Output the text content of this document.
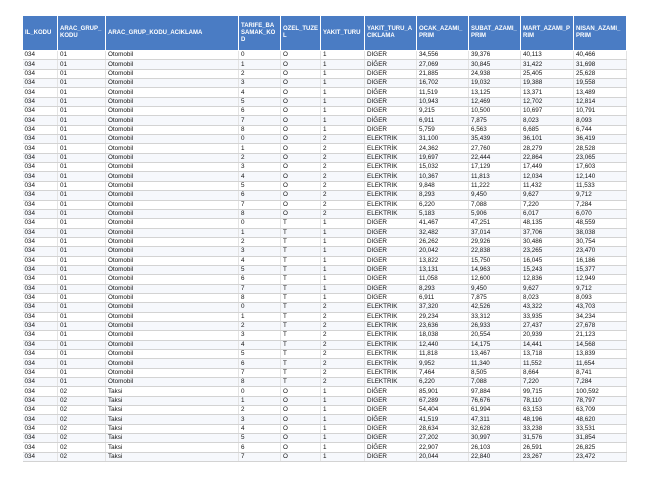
IL_KODU	ARAC_GRUP_KODU	ARAC_GRUP_KODU_ACIKLAMA	TARIFE_BASAMAK_KOD	OZEL_TUZEL	YAKIT_TURU	YAKIT_TURU_ACIKLAMA	OCAK_AZAMI_PRIM	SUBAT_AZAMI_PRIM	MART_AZAMI_PRIM	NISAN_AZAMI_PRIM
034	01	Otomobil	0	O	1	DİĞER	34,556	39,376	40,113	40,466
034	01	Otomobil	1	O	1	DİĞER	27,069	30,845	31,422	31,698
034	01	Otomobil	2	O	1	DİĞER	21,885	24,938	25,405	25,628
034	01	Otomobil	3	O	1	DİĞER	16,702	19,032	19,388	19,558
034	01	Otomobil	4	O	1	DİĞER	11,519	13,125	13,371	13,489
034	01	Otomobil	5	O	1	DİĞER	10,943	12,469	12,702	12,814
034	01	Otomobil	6	O	1	DİĞER	9,215	10,500	10,697	10,791
034	01	Otomobil	7	O	1	DİĞER	6,911	7,875	8,023	8,093
034	01	Otomobil	8	O	1	DİĞER	5,759	6,563	6,685	6,744
034	01	Otomobil	0	O	2	ELEKTRİK	31,100	35,439	36,101	36,419
034	01	Otomobil	1	O	2	ELEKTRİK	24,362	27,760	28,279	28,528
034	01	Otomobil	2	O	2	ELEKTRİK	19,697	22,444	22,864	23,065
034	01	Otomobil	3	O	2	ELEKTRİK	15,032	17,129	17,449	17,603
034	01	Otomobil	4	O	2	ELEKTRİK	10,367	11,813	12,034	12,140
034	01	Otomobil	5	O	2	ELEKTRİK	9,848	11,222	11,432	11,533
034	01	Otomobil	6	O	2	ELEKTRİK	8,293	9,450	9,627	9,712
034	01	Otomobil	7	O	2	ELEKTRİK	6,220	7,088	7,220	7,284
034	01	Otomobil	8	O	2	ELEKTRİK	5,183	5,906	6,017	6,070
034	01	Otomobil	0	T	1	DİĞER	41,467	47,251	48,135	48,559
034	01	Otomobil	1	T	1	DİĞER	32,482	37,014	37,706	38,038
034	01	Otomobil	2	T	1	DİĞER	26,262	29,926	30,486	30,754
034	01	Otomobil	3	T	1	DİĞER	20,042	22,838	23,265	23,470
034	01	Otomobil	4	T	1	DİĞER	13,822	15,750	16,045	16,186
034	01	Otomobil	5	T	1	DİĞER	13,131	14,963	15,243	15,377
034	01	Otomobil	6	T	1	DİĞER	11,058	12,600	12,836	12,949
034	01	Otomobil	7	T	1	DİĞER	8,293	9,450	9,627	9,712
034	01	Otomobil	8	T	1	DİĞER	6,911	7,875	8,023	8,093
034	01	Otomobil	0	T	2	ELEKTRİK	37,320	42,526	43,322	43,703
034	01	Otomobil	1	T	2	ELEKTRİK	29,234	33,312	33,935	34,234
034	01	Otomobil	2	T	2	ELEKTRİK	23,636	26,933	27,437	27,678
034	01	Otomobil	3	T	2	ELEKTRİK	18,038	20,554	20,939	21,123
034	01	Otomobil	4	T	2	ELEKTRİK	12,440	14,175	14,441	14,568
034	01	Otomobil	5	T	2	ELEKTRİK	11,818	13,467	13,718	13,839
034	01	Otomobil	6	T	2	ELEKTRİK	9,952	11,340	11,552	11,654
034	01	Otomobil	7	T	2	ELEKTRİK	7,464	8,505	8,664	8,741
034	01	Otomobil	8	T	2	ELEKTRİK	6,220	7,088	7,220	7,284
034	02	Taksi	0	O	1	DİĞER	85,901	97,884	99,715	100,592
034	02	Taksi	1	O	1	DİĞER	67,289	76,676	78,110	78,797
034	02	Taksi	2	O	1	DİĞER	54,404	61,994	63,153	63,709
034	02	Taksi	3	O	1	DİĞER	41,519	47,311	48,196	48,620
034	02	Taksi	4	O	1	DİĞER	28,634	32,628	33,238	33,531
034	02	Taksi	5	O	1	DİĞER	27,202	30,997	31,576	31,854
034	02	Taksi	6	O	1	DİĞER	22,907	26,103	26,591	26,825
034	02	Taksi	7	O	1	DİĞER	20,044	22,840	23,267	23,472
